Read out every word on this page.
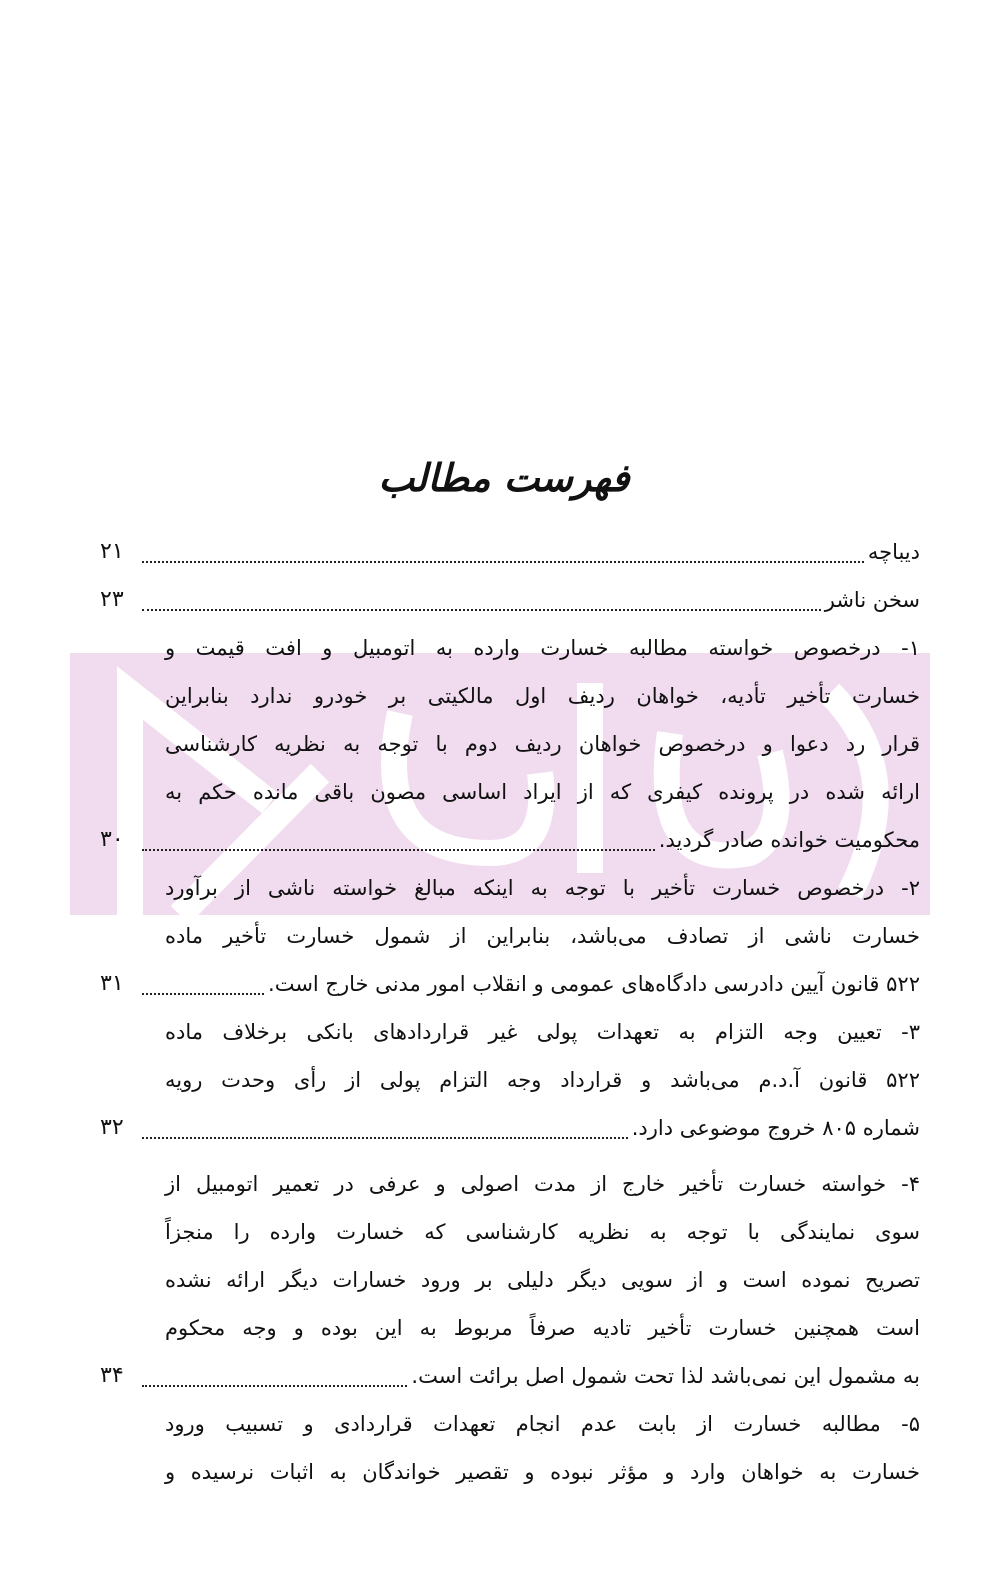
فهرست مطالب
دیباچه
۲۱
سخن ناشر
۲۳
۱- درخصوص خواسته مطالبه خسارت وارده به اتومبیل و افت قیمت و
خسارت تأخیر تأدیه، خواهان ردیف اول مالکیتی بر خودرو ندارد بنابراین
قرار رد دعوا و درخصوص خواهان ردیف دوم با توجه به نظریه کارشناسی
ارائه شده در پرونده کیفری که از ایراد اساسی مصون باقی مانده حکم به
محکومیت خوانده صادر گردید.
۳۰
۲- درخصوص خسارت تأخیر با توجه به اینکه مبالغ خواسته ناشی از برآورد
خسارت ناشی از تصادف می‌باشد، بنابراین از شمول خسارت تأخیر ماده
۵۲۲ قانون آیین دادرسی دادگاه‌های عمومی و انقلاب امور مدنی خارج است.
۳۱
۳- تعیین وجه التزام به تعهدات پولی غیر قراردادهای بانکی برخلاف ماده
۵۲۲ قانون آ.د.م می‌باشد و قرارداد وجه التزام پولی از رأی وحدت رویه
شماره ۸۰۵ خروج موضوعی دارد.
۳۲
۴- خواسته خسارت تأخیر خارج از مدت اصولی و عرفی در تعمیر اتومبیل از
سوی نمایندگی با توجه به نظریه کارشناسی که خسارت وارده را منجزاً
تصریح نموده است و از سویی دیگر دلیلی بر ورود خسارات دیگر ارائه نشده
است همچنین خسارت تأخیر تادیه صرفاً مربوط به این بوده و وجه محکوم
به مشمول این نمی‌باشد لذا تحت شمول اصل برائت است.
۳۴
۵- مطالبه خسارت از بابت عدم انجام تعهدات قراردادی و تسبیب ورود
خسارت به خواهان وارد و مؤثر نبوده و تقصیر خواندگان به اثبات نرسیده و
